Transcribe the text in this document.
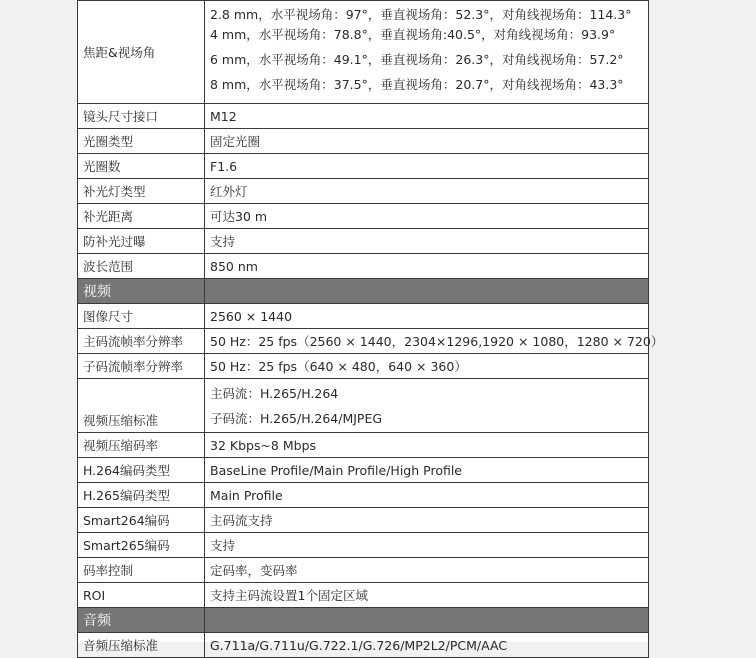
焦距&视场角	2.8 mm，水平视场角：97°，垂直视场角：52.3°，对角线视场角：114.3°
4 mm，水平视场角：78.8°，垂直视场角:40.5°，对角线视场角：93.9°
6 mm，水平视场角：49.1°，垂直视场角：26.3°，对角线视场角：57.2°
8 mm，水平视场角：37.5°，垂直视场角：20.7°，对角线视场角：43.3°

镜头尺寸接口	M12
光圈类型	固定光圈
光圈数	F1.6
补光灯类型	红外灯
补光距离	可达30 m
防补光过曝	支持
波长范围	850 nm
视频	
图像尺寸	2560 × 1440
主码流帧率分辨率	50 Hz：25 fps（2560 × 1440，2304×1296,1920 × 1080，1280 × 720）
子码流帧率分辨率	50 Hz：25 fps（640 × 480，640 × 360）
视频压缩标准	主码流：H.265/H.264
子码流：H.265/H.264/MJPEG

视频压缩码率	32 Kbps~8 Mbps
H.264编码类型	BaseLine Profile/Main Profile/High Profile
H.265编码类型	Main Profile
Smart264编码	主码流支持
Smart265编码	支持
码率控制	定码率，变码率
ROI	支持主码流设置1个固定区域
音频	
音频压缩标准	G.711a/G.711u/G.722.1/G.726/MP2L2/PCM/AAC
